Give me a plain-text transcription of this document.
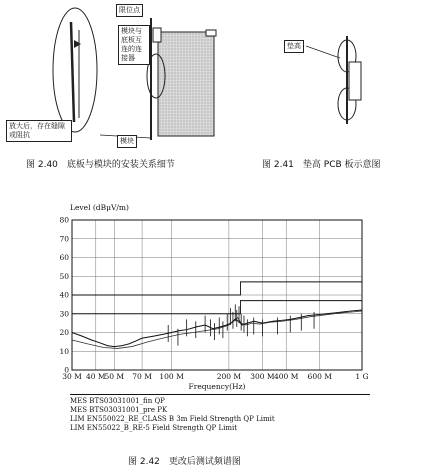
限位点
模块与底板互连的连接器
放大后，存在缝隙或阻抗
模块
图 2.40　底板与模块的安装关系细节
垫高
图 2.41　垫高 PCB 板示意图
Level (dBμV/m)
0
10
20
30
40
50
60
70
80
30 M 40 M
50 M 70 M 100 M	200 M 300 M 400 M 600 M	1 G
Frequency(Hz)
MES BTS03031001_fin QP
MES BTS03031001_pre PK
LIM EN550022_RE_CLASS B 3m Field Strength QP Limit
LIM EN55022_B_RE-5 Field Strength QP Limit
图 2.42　更改后测试频谱图
